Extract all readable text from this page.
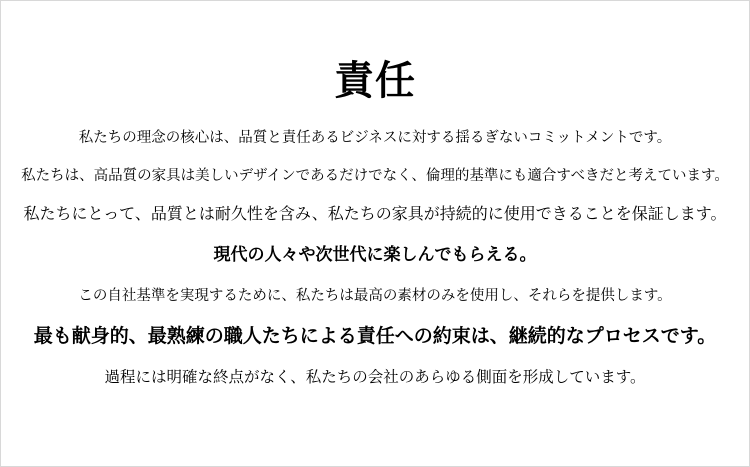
責任

私たちの理念の核心は、品質と責任あるビジネスに対する揺るぎないコミットメントです。

私たちは、高品質の家具は美しいデザインであるだけでなく、倫理的基準にも適合すべきだと考えています。

私たちにとって、品質とは耐久性を含み、私たちの家具が持続的に使用できることを保証します。

現代の人々や次世代に楽しんでもらえる。

この自社基準を実現するために、私たちは最高の素材のみを使用し、それらを提供します。

最も献身的、最熟練の職人たちによる責任への約束は、継続的なプロセスです。

過程には明確な終点がなく、私たちの会社のあらゆる側面を形成しています。
